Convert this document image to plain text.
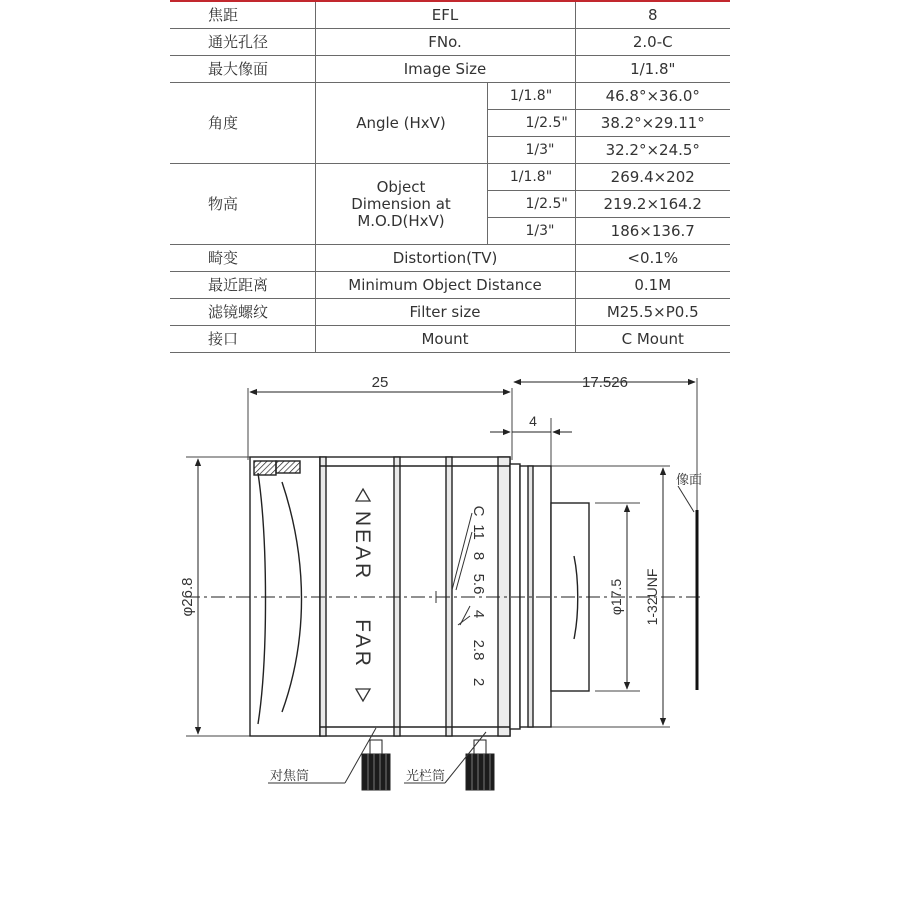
焦距	EFL		8
通光孔径	FNo.		2.0-C
最大像面	Image Size		1/1.8"
角度	Angle (HxV)	1/1.8"	46.8°×36.0°
		1/2.5"	38.2°×29.11°
		1/3"	32.2°×24.5°
物高	Object
Dimension at
M.O.D(HxV)	1/1.8"	269.4×202
		1/2.5"	219.2×164.2
		1/3"	186×136.7
畸变	Distortion(TV)		<0.1%
最近距离	Minimum Object Distance		0.1M
滤镜螺纹	Filter size		M25.5×P0.5
接口	Mount		C Mount
25	17.526
4
φ26.8	φ17.5 1-32UNF
像面
对焦筒	光栏筒
NEAR
FAR
C
11
8
5.6
4
2.8
2
